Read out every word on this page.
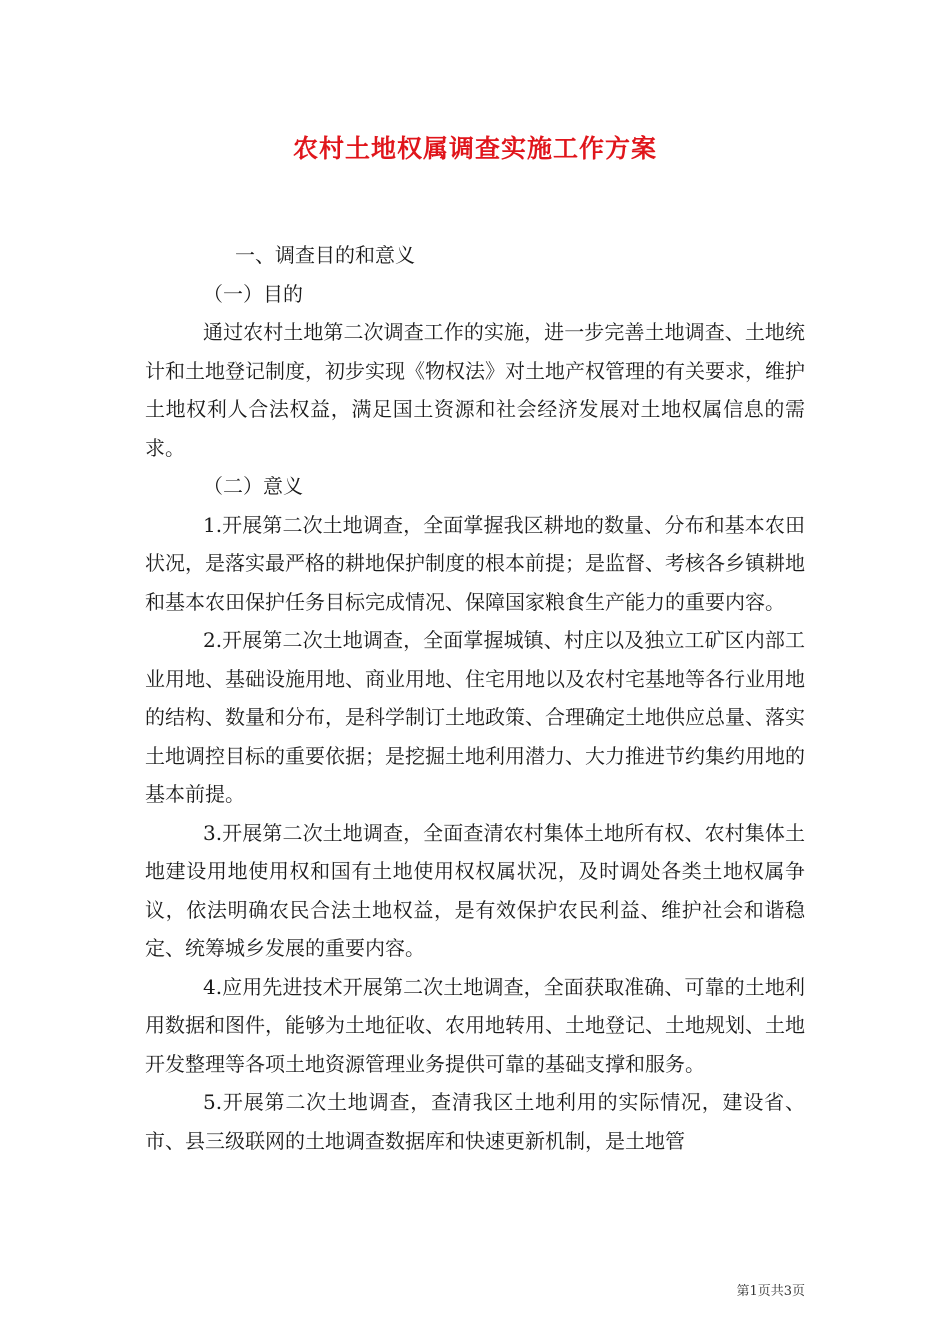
农村土地权属调查实施工作方案

一、调查目的和意义

（一）目的

通过农村土地第二次调查工作的实施，进一步完善土地调查、土地统计和土地登记制度，初步实现《物权法》对土地产权管理的有关要求，维护土地权利人合法权益，满足国土资源和社会经济发展对土地权属信息的需求。

（二）意义

1.开展第二次土地调查，全面掌握我区耕地的数量、分布和基本农田状况，是落实最严格的耕地保护制度的根本前提；是监督、考核各乡镇耕地和基本农田保护任务目标完成情况、保障国家粮食生产能力的重要内容。

2.开展第二次土地调查，全面掌握城镇、村庄以及独立工矿区内部工业用地、基础设施用地、商业用地、住宅用地以及农村宅基地等各行业用地的结构、数量和分布，是科学制订土地政策、合理确定土地供应总量、落实土地调控目标的重要依据；是挖掘土地利用潜力、大力推进节约集约用地的基本前提。

3.开展第二次土地调查，全面查清农村集体土地所有权、农村集体土地建设用地使用权和国有土地使用权权属状况，及时调处各类土地权属争议，依法明确农民合法土地权益，是有效保护农民利益、维护社会和谐稳定、统筹城乡发展的重要内容。

4.应用先进技术开展第二次土地调查，全面获取准确、可靠的土地利用数据和图件，能够为土地征收、农用地转用、土地登记、土地规划、土地开发整理等各项土地资源管理业务提供可靠的基础支撑和服务。

5.开展第二次土地调查，查清我区土地利用的实际情况，建设省、市、县三级联网的土地调查数据库和快速更新机制，是土地管

第1页共3页
